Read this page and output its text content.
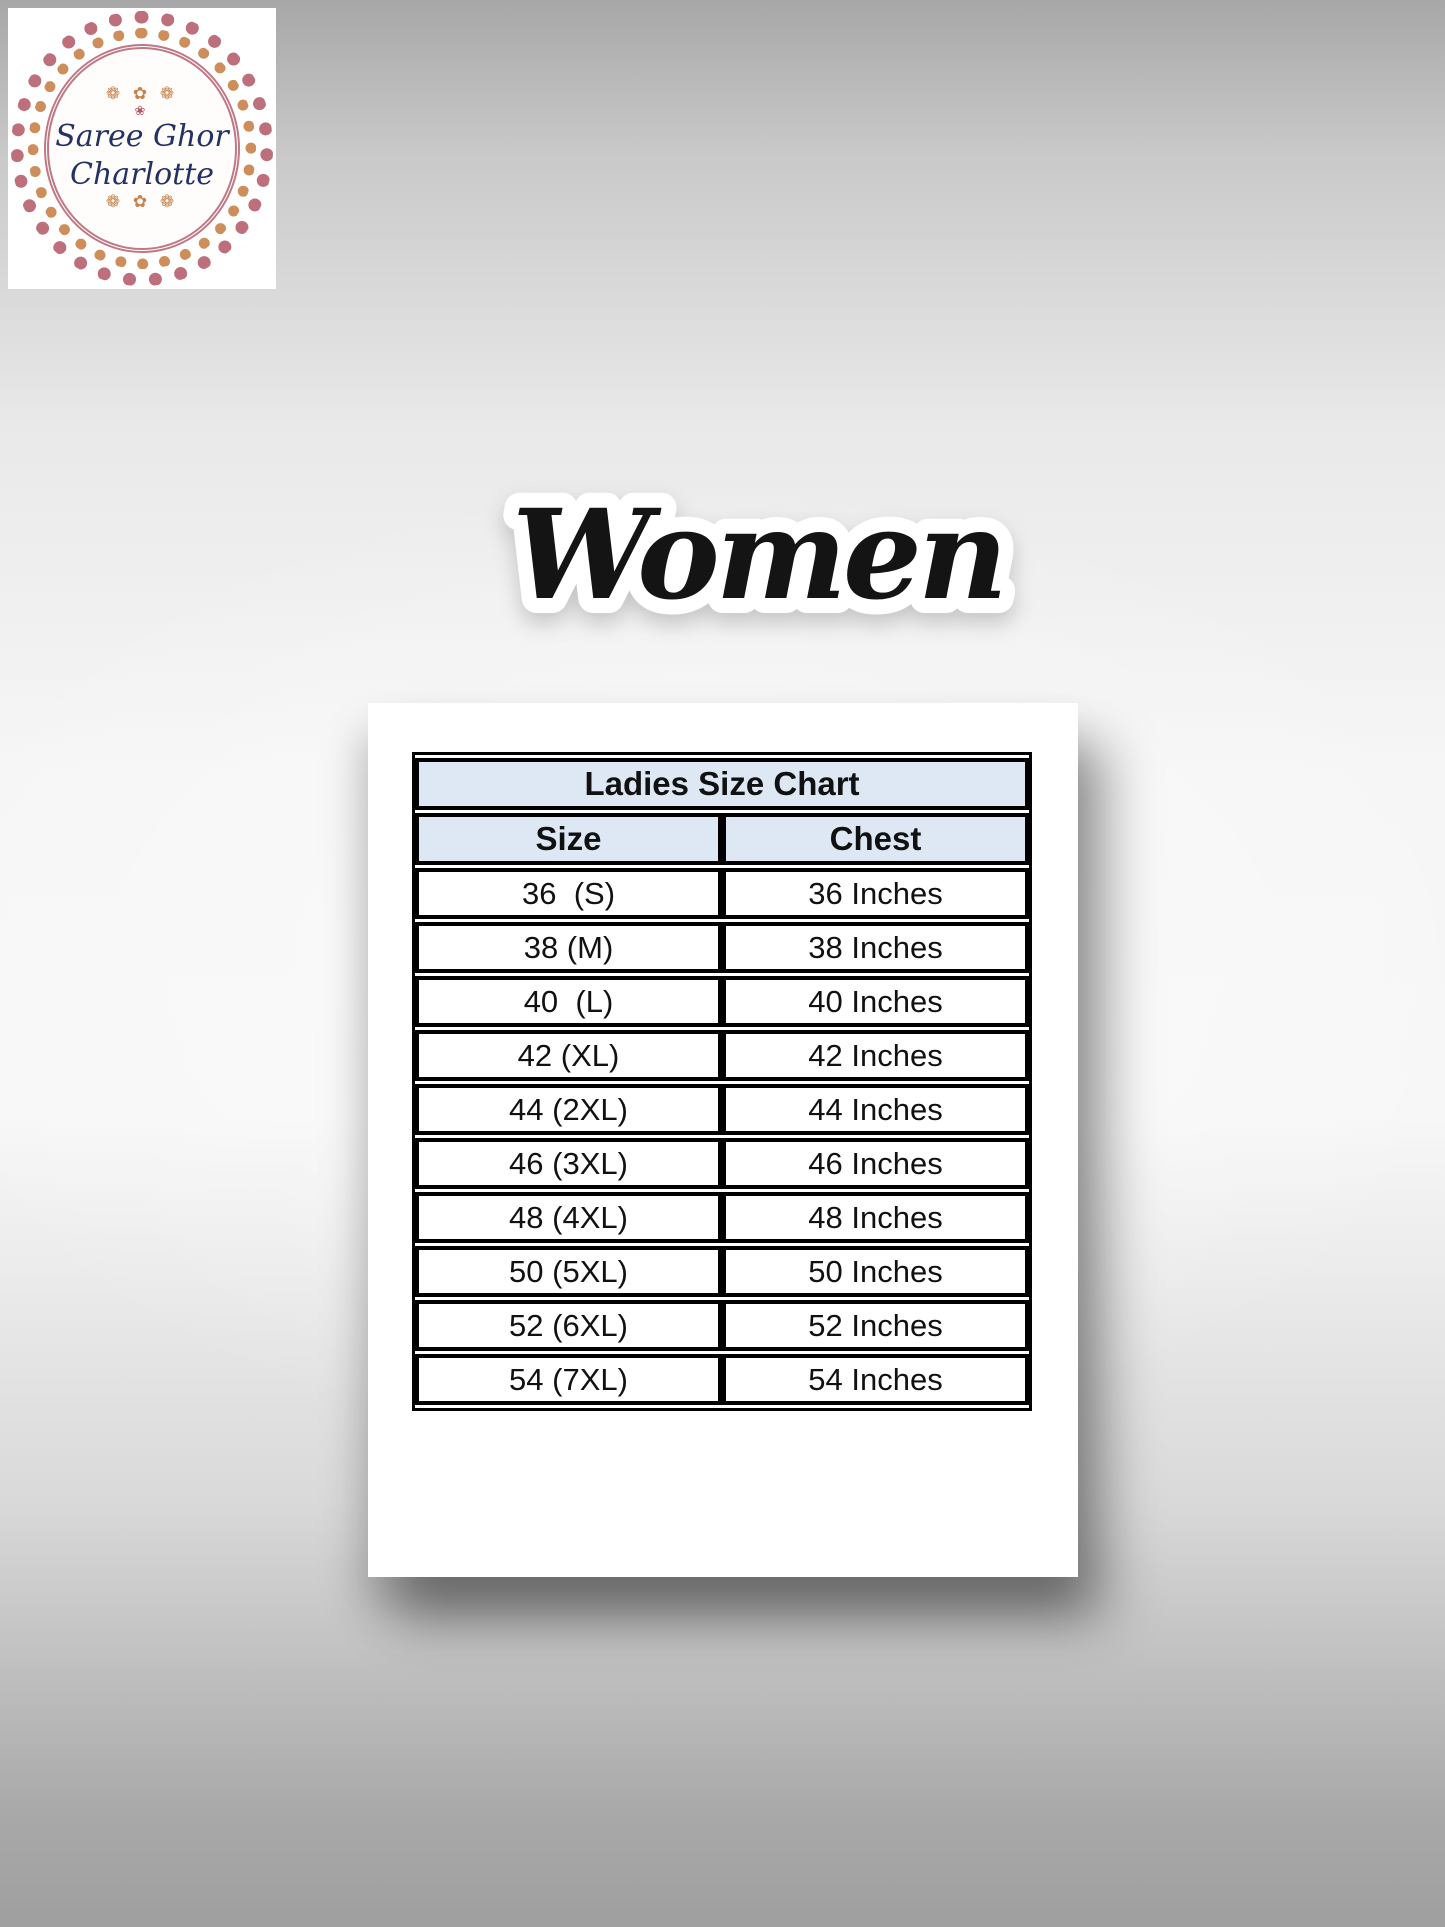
❁ ✿ ❁
❀
Saree Ghor
Charlotte
❁ ✿ ❁
Women
Ladies Size Chart	
Size	Chest
36  (S)	36 Inches
38 (M)	38 Inches
40  (L)	40 Inches
42 (XL)	42 Inches
44 (2XL)	44 Inches
46 (3XL)	46 Inches
48 (4XL)	48 Inches
50 (5XL)	50 Inches
52 (6XL)	52 Inches
54 (7XL)	54 Inches
